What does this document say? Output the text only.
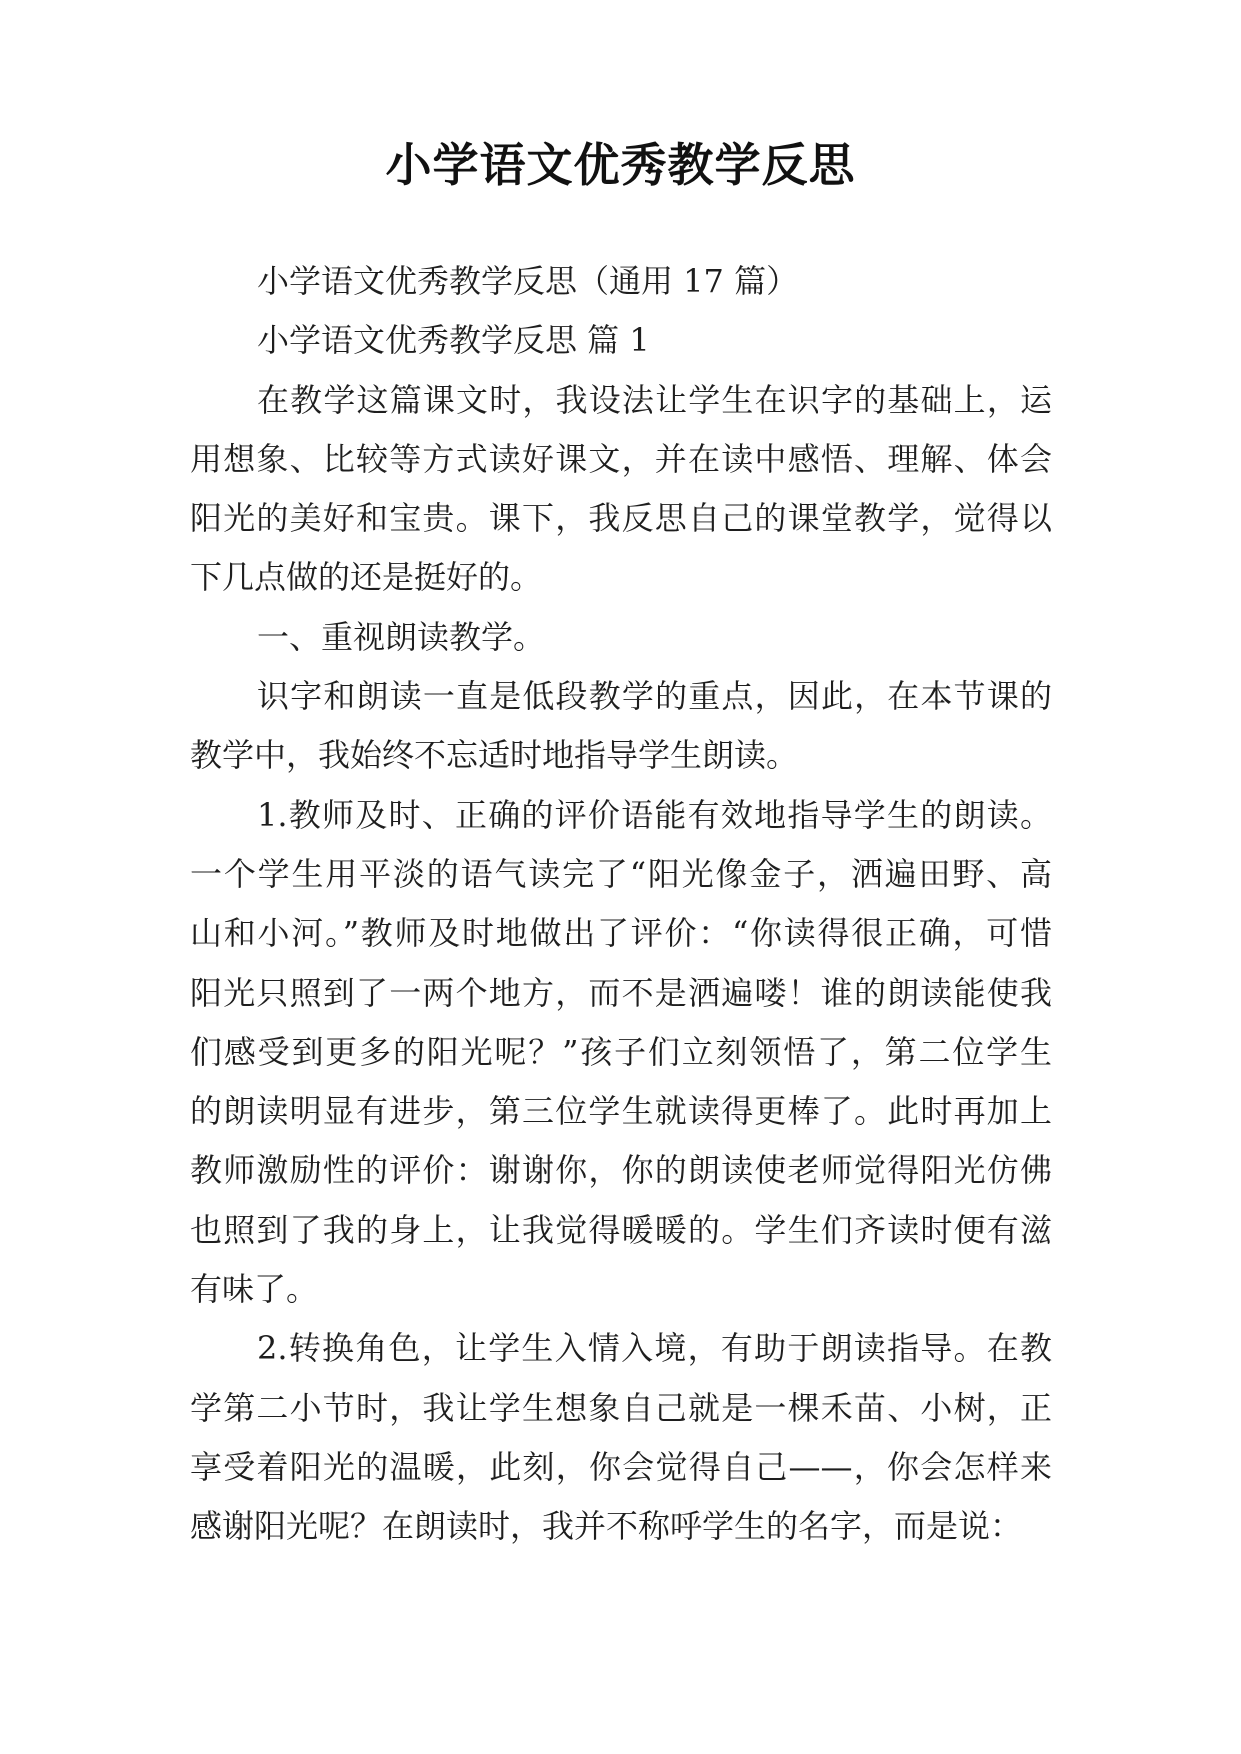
小学语文优秀教学反思
小学语文优秀教学反思（通用 17 篇）
小学语文优秀教学反思 篇 1
在教学这篇课文时，我设法让学生在识字的基础上，运
用想象、比较等方式读好课文，并在读中感悟、理解、体会
阳光的美好和宝贵。课下，我反思自己的课堂教学，觉得以
下几点做的还是挺好的。
一、重视朗读教学。
识字和朗读一直是低段教学的重点，因此，在本节课的
教学中，我始终不忘适时地指导学生朗读。
1.教师及时、正确的评价语能有效地指导学生的朗读。
一个学生用平淡的语气读完了“阳光像金子，洒遍田野、高
山和小河。”教师及时地做出了评价：“你读得很正确，可惜
阳光只照到了一两个地方，而不是洒遍喽！谁的朗读能使我
们感受到更多的阳光呢？”孩子们立刻领悟了，第二位学生
的朗读明显有进步，第三位学生就读得更棒了。此时再加上
教师激励性的评价：谢谢你，你的朗读使老师觉得阳光仿佛
也照到了我的身上，让我觉得暖暖的。学生们齐读时便有滋
有味了。
2.转换角色，让学生入情入境，有助于朗读指导。在教
学第二小节时，我让学生想象自己就是一棵禾苗、小树，正
享受着阳光的温暖，此刻，你会觉得自己——，你会怎样来
感谢阳光呢？在朗读时，我并不称呼学生的名字，而是说：
